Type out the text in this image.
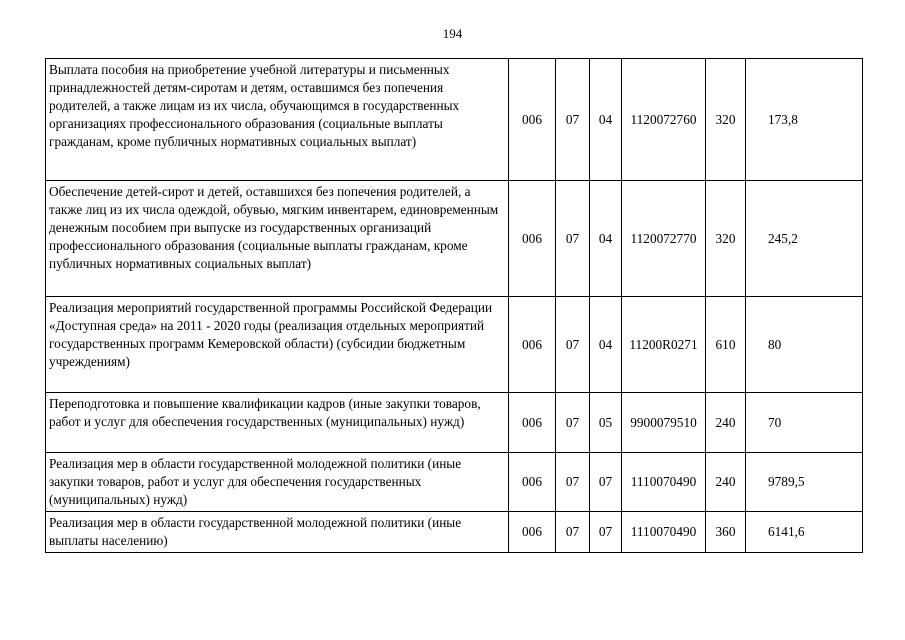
194
Выплата пособия на приобретение учебной литературы и письменных принадлежностей детям-сиротам и детям, оставшимся без попечения родителей, а также лицам из их числа, обучающимся в государственных организациях профессионального образования (социальные выплаты гражданам, кроме публичных нормативных социальных выплат)	006	07	04	1120072760	320	173,8
Обеспечение детей-сирот и детей, оставшихся без попечения родителей, а также лиц из их числа одеждой, обувью, мягким инвентарем, единовременным денежным пособием при выпуске из государственных организаций профессионального образования (социальные выплаты гражданам, кроме публичных нормативных социальных выплат)	006	07	04	1120072770	320	245,2
Реализация мероприятий государственной программы Российской Федерации «Доступная среда» на 2011 - 2020 годы (реализация отдельных мероприятий государственных программ Кемеровской области) (субсидии бюджетным учреждениям)	006	07	04	11200R0271	610	80
Переподготовка и повышение квалификации кадров (иные закупки товаров, работ и услуг для обеспечения государственных (муниципальных) нужд)	006	07	05	9900079510	240	70
Реализация мер в области государственной молодежной политики (иные закупки товаров, работ и услуг для обеспечения государственных (муниципальных) нужд)	006	07	07	1110070490	240	9789,5
Реализация мер в области государственной молодежной политики (иные выплаты населению)	006	07	07	1110070490	360	6141,6
